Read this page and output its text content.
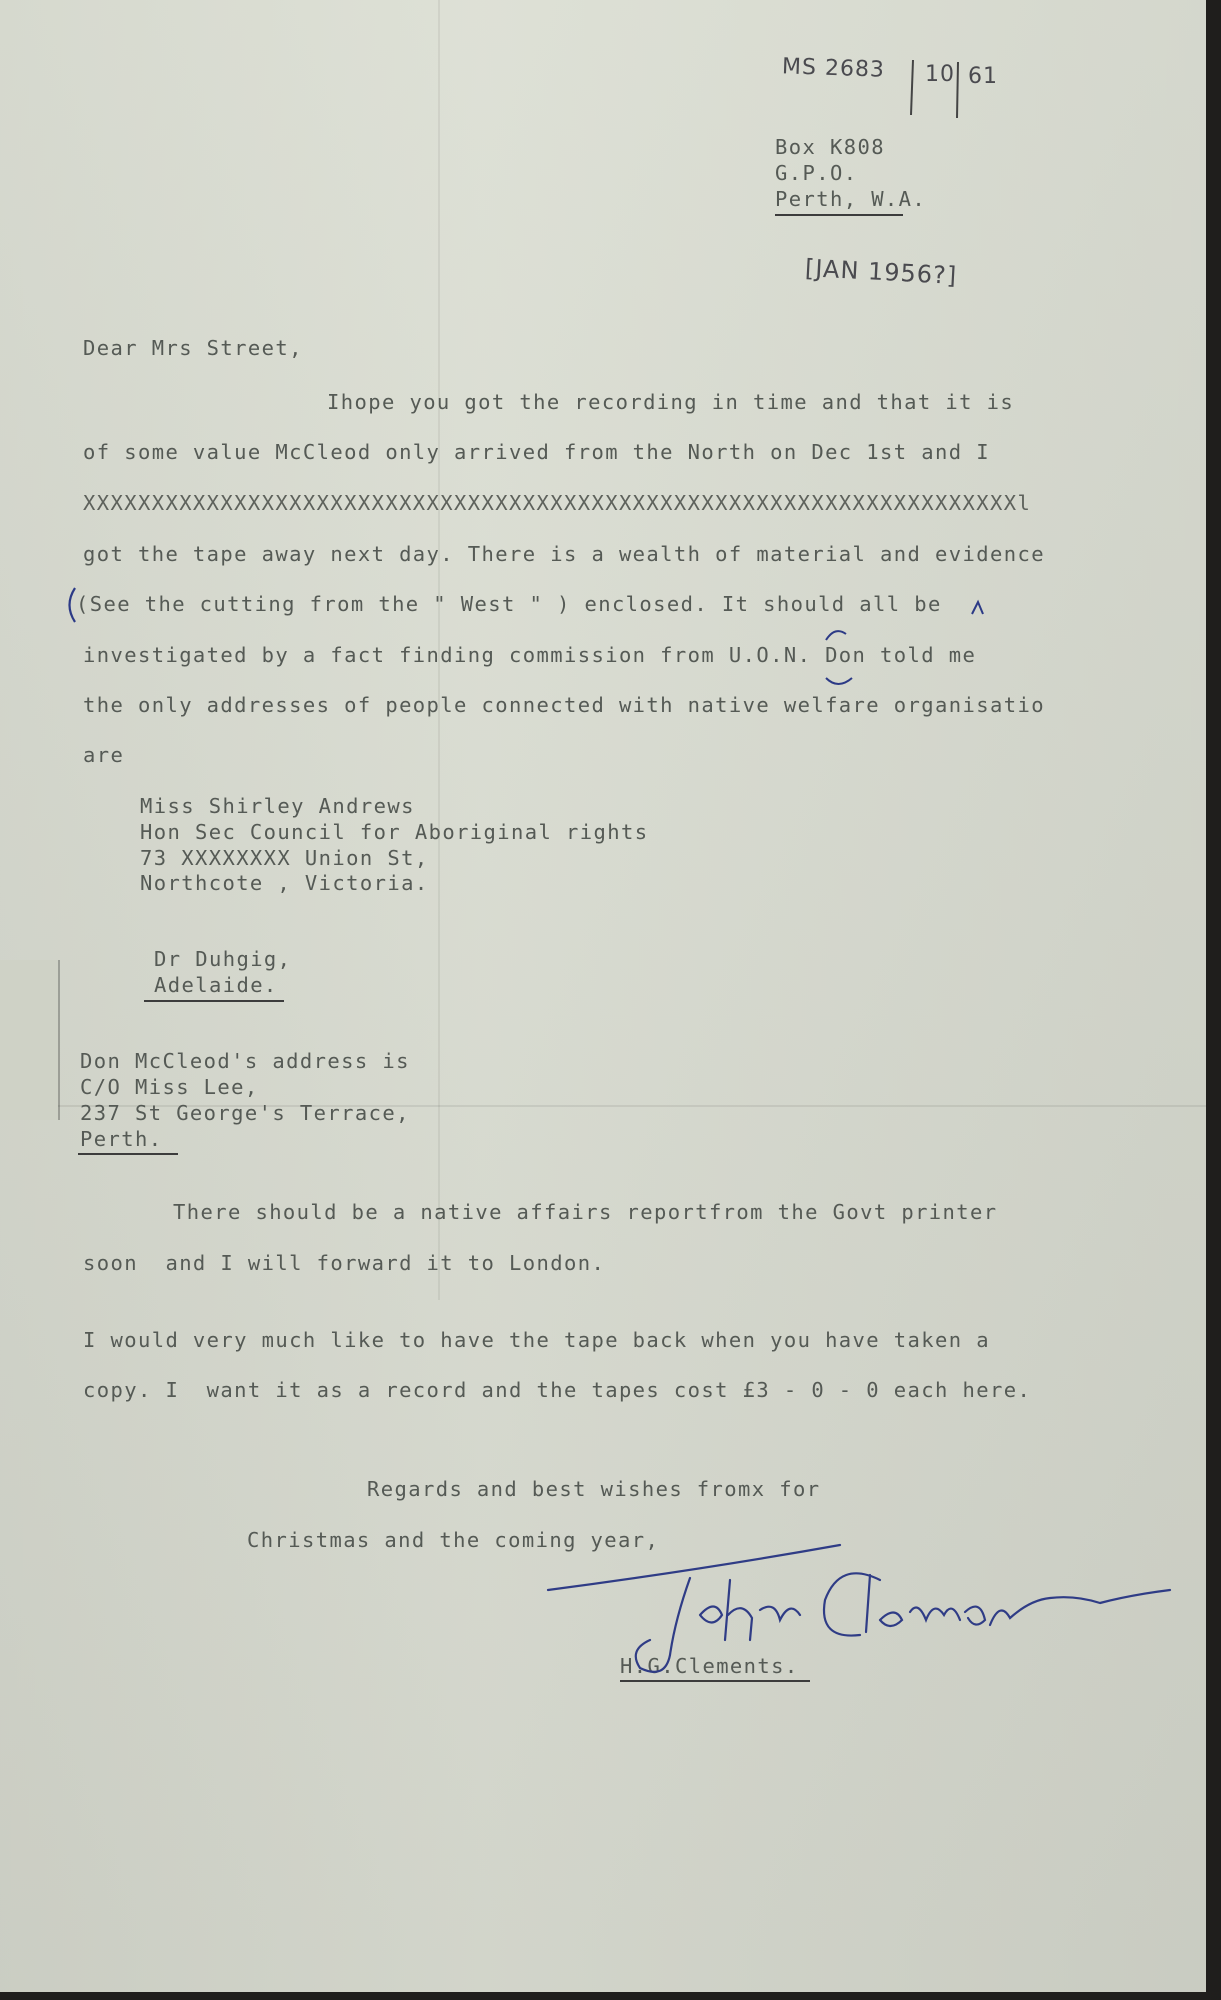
MS 2683 10 61
[JAN 1956?]
Box K808
G.P.O.
Perth, W.A.
Dear Mrs Street,
Ihope you got the recording in time and that it is
of some value McCleod only arrived from the North on Dec 1st and I
XXXXXXXXXXXXXXXXXXXXXXXXXXXXXXXXXXXXXXXXXXXXXXXXXXXXXXXXXXXXXXXXXXXXl
got the tape away next day. There is a wealth of material and evidence
(See the cutting from the " West " ) enclosed. It should all be
investigated by a fact finding commission from U.O.N. Don told me
the only addresses of people connected with native welfare organisatio
are
Miss Shirley Andrews
Hon Sec Council for Aboriginal rights
73 XXXXXXXX Union St,
Northcote , Victoria.
Dr Duhgig,
Adelaide.
Don McCleod's address is
C/O Miss Lee,
237 St George's Terrace,
Perth.
There should be a native affairs reportfrom the Govt printer
soon  and I will forward it to London.
I would very much like to have the tape back when you have taken a
copy. I  want it as a record and the tapes cost £3 - 0 - 0 each here.
Regards and best wishes fromx for
Christmas and the coming year,
H.G.Clements.
